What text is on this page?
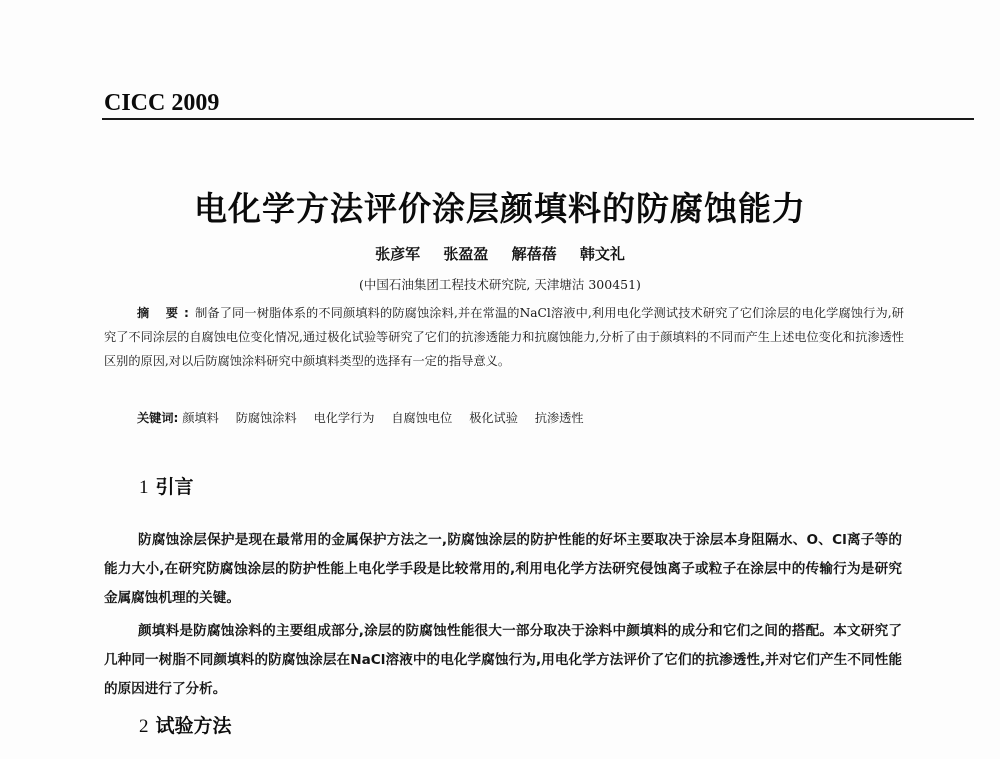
CICC 2009
电化学方法评价涂层颜填料的防腐蚀能力
张彦军 张盈盈 解蓓蓓 韩文礼
(中国石油集团工程技术研究院, 天津塘沽 300451)
摘 要:制备了同一树脂体系的不同颜填料的防腐蚀涂料,并在常温的NaCl溶液中,利用电化学测试技术研究了它们涂层的电化学腐蚀行为,研究了不同涂层的自腐蚀电位变化情况,通过极化试验等研究了它们的抗渗透能力和抗腐蚀能力,分析了由于颜填料的不同而产生上述电位变化和抗渗透性区别的原因,对以后防腐蚀涂料研究中颜填料类型的选择有一定的指导意义。
关键词: 颜填料 防腐蚀涂料 电化学行为 自腐蚀电位 极化试验 抗渗透性
1 引言

防腐蚀涂层保护是现在最常用的金属保护方法之一,防腐蚀涂层的防护性能的好坏主要取决于涂层本身阻隔水、O、Cl离子等的能力大小,在研究防腐蚀涂层的防护性能上电化学手段是比较常用的,利用电化学方法研究侵蚀离子或粒子在涂层中的传输行为是研究金属腐蚀机理的关键。

颜填料是防腐蚀涂料的主要组成部分,涂层的防腐蚀性能很大一部分取决于涂料中颜填料的成分和它们之间的搭配。本文研究了几种同一树脂不同颜填料的防腐蚀涂层在NaCl溶液中的电化学腐蚀行为,用电化学方法评价了它们的抗渗透性,并对它们产生不同性能的原因进行了分析。

2 试验方法
